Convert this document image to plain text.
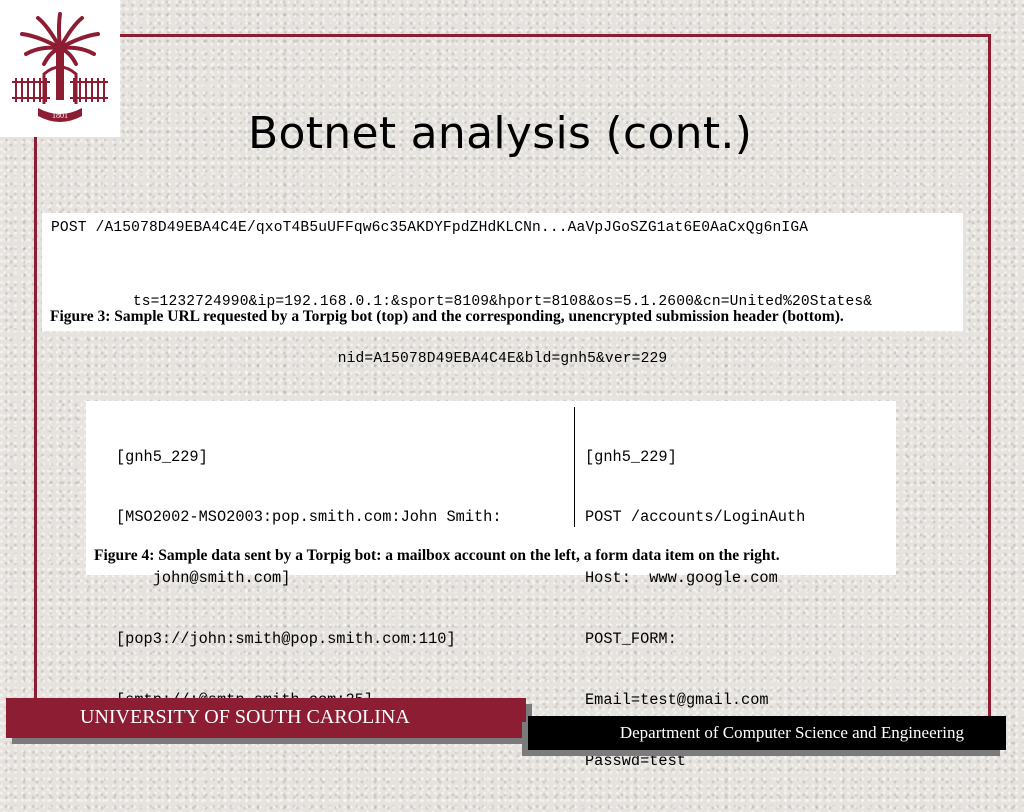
1801	Botnet analysis (cont.)
POST /A15078D49EBA4C4E/qxoT4B5uUFFqw6c35AKDYFpdZHdKLCNn...AaVpJGoSZG1at6E0AaCxQg6nIGA

ts=1232724990&ip=192.168.0.1:&sport=8109&hport=8108&os=5.1.2600&cn=United%20States&

nid=A15078D49EBA4C4E&bld=gnh5&ver=229

Figure 3: Sample URL requested by a Torpig bot (top) and the corresponding, unencrypted submission header (bottom).

[gnh5_229]

[MSO2002-MSO2003:pop.smith.com:John Smith:

john@smith.com]

[pop3://john:smith@pop.smith.com:110]

[gnh5_229]

POST /accounts/LoginAuth

Host:  www.google.com

POST_FORM:

Email=test@gmail.com

Passwd=test

Figure 4: Sample data sent by a Torpig bot: a mailbox account on the left, a form data item on the right.
UNIVERSITY OF SOUTH CAROLINA
Department of Computer Science and Engineering
